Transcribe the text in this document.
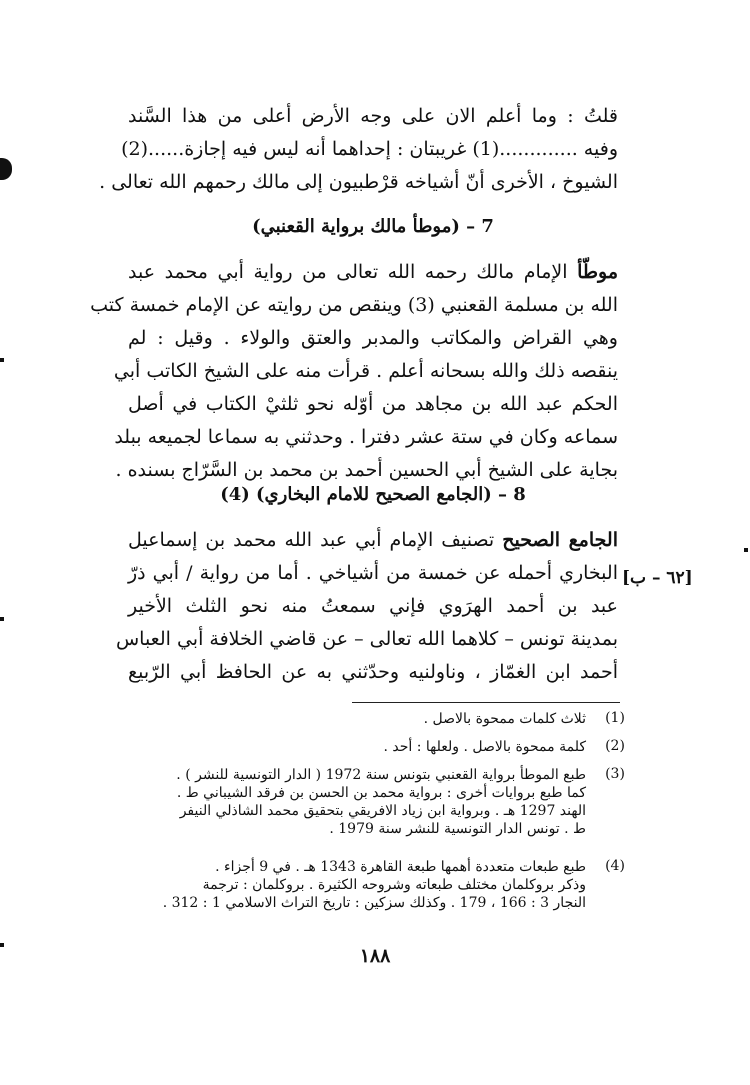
قلتُ : وما أعلم الان على وجه الأرض أعلى من هذا السَّند
وفيه .............(1) غريبتان : إحداهما أنه ليس فيه إجازة......(2)
الشيوخ ، الأخرى أنّ أشياخه قرْطبيون إلى مالك رحمهم الله تعالى .
7 – (موطأ مالك برواية القعنبي)
موطّأ الإمام مالك رحمه الله تعالى من رواية أبي محمد عبد
الله بن مسلمة القعنبي (3) وينقص من روايته عن الإمام خمسة كتب
وهي القراض والمكاتب والمدبر والعتق والولاء . وقيل : لم
ينقصه ذلك والله بسحانه أعلم . قرأت منه على الشيخ الكاتب أبي
الحكم عبد الله بن مجاهد من أوّله نحو ثلثيْ الكتاب في أصل
سماعه وكان في ستة عشر دفترا . وحدثني به سماعا لجميعه ببلد
بجاية على الشيخ أبي الحسين أحمد بن محمد بن السَّرّاج بسنده .
8 – (الجامع الصحيح للامام البخاري) (4)
الجامع الصحيح تصنيف الإمام أبي عبد الله محمد بن إسماعيل
البخاري أحمله عن خمسة من أشياخي . أما من رواية / أبي ذرّ
عبد بن أحمد الهرَوي فإني سمعتُ منه نحو الثلث الأخير
بمدينة تونس – كلاهما الله تعالى – عن قاضي الخلافة أبي العباس
أحمد ابن الغمّاز ، وناولنيه وحدّثني به عن الحافظ أبي الرّبيع
[٦٢ – ب]
(1)
ثلاث كلمات ممحوة بالاصل .
(2)
كلمة ممحوة بالاصل . ولعلها : أحد .
(3)
طبع الموطأ برواية القعنبي بتونس سنة 1972 ( الدار التونسية للنشر ) .
كما طبع بروايات أخرى : برواية محمد بن الحسن بن فرقد الشيباني ط .
الهند 1297 هـ . وبرواية ابن زياد الافريقي بتحقيق محمد الشاذلي النيفر
ط . تونس الدار التونسية للنشر سنة 1979 .
(4)
طبع طبعات متعددة أهمها طبعة القاهرة 1343 هـ . في 9 أجزاء .
وذكر بروكلمان مختلف طبعاته وشروحه الكثيرة . بروكلمان : ترجمة
النجار 3 : 166 ، 179 . وكذلك سزكين : تاريخ التراث الاسلامي 1 : 312 .
١٨٨
